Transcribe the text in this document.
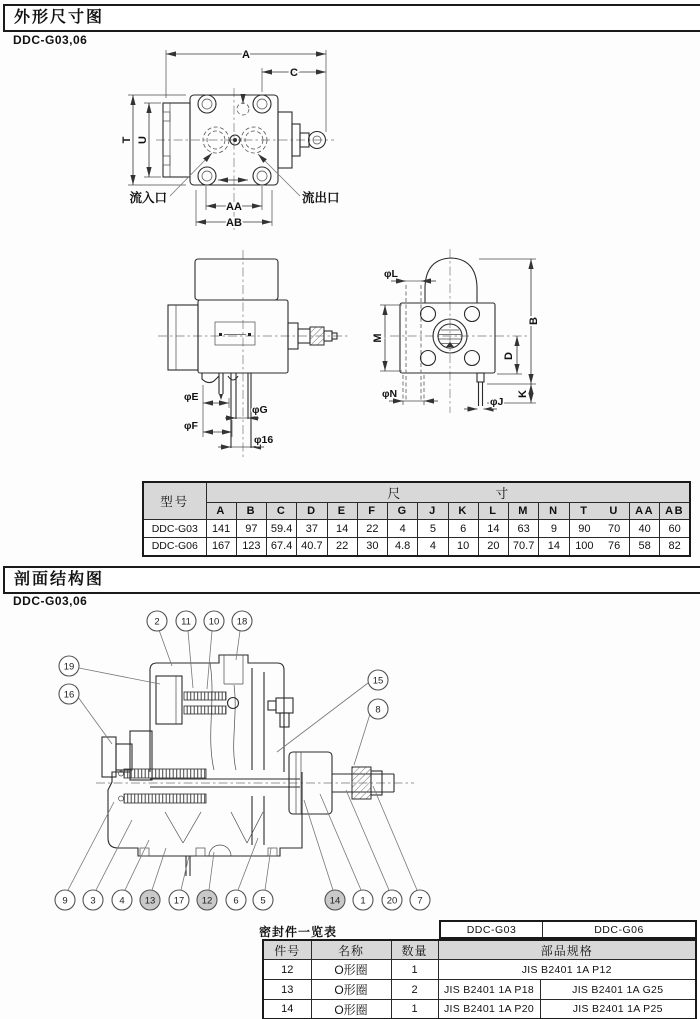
外形尺寸图
DDC-G03,06
A
C
T U
AA
AB
流入口	流出口
φE
φF
φG
φ16
φL
M
φN
B
D
K
φJ
型号	尺 寸															

	A	B	C	D	E	F	G	J	K	L	M	N	T	U	AA	AB
DDC-G03	141	97	59.4	37	14	22	4	5	6	14	63	9	90	70	40	60
DDC-G06	167	123	67.4	40.7	22	30	4.8	4	10	20	70.7	14	100	76	58	82
剖面结构图
DDC-G03,06
2 11 10 18
19
16
15
8
9 3 4 13 17 12 6 5	14 1 20 7
密封件一览表	DDC-G03	DDC-G06
件号	名称	数量	部品规格	
12	O形圈	1	JIS B2401 1A P12	
13	O形圈	2	JIS B2401 1A P18	JIS B2401 1A G25
14	O形圈	1	JIS B2401 1A P20	JIS B2401 1A P25
